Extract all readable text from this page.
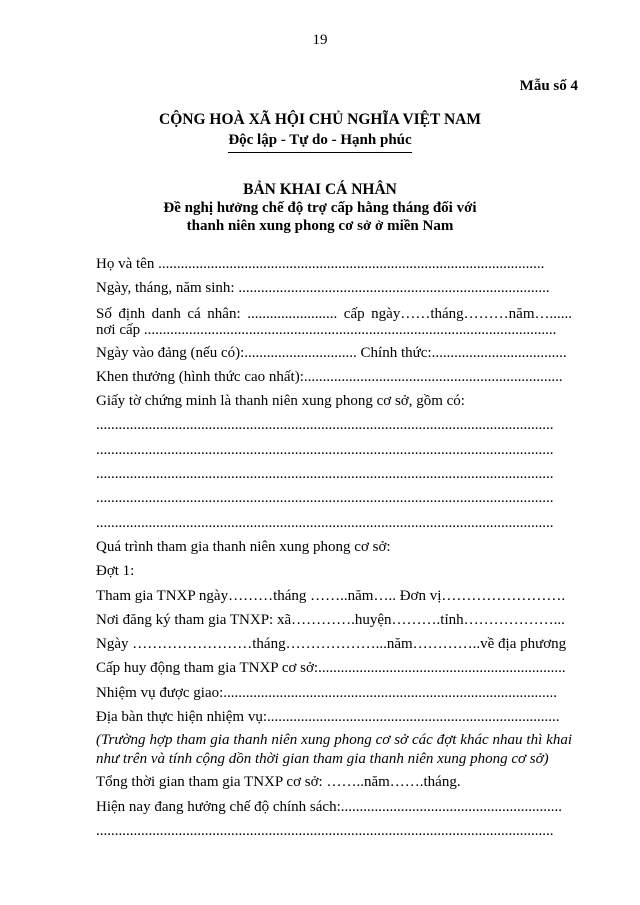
19
Mẫu số 4
CỘNG HOÀ XÃ HỘI CHỦ NGHĨA VIỆT NAM
Độc lập - Tự do - Hạnh phúc
BẢN KHAI CÁ NHÂN
Đề nghị hưởng chế độ trợ cấp hằng tháng đối với
thanh niên xung phong cơ sở ở miền Nam
Họ và tên .......................................................................................................
Ngày, tháng, năm sinh: ...................................................................................
Số định danh cá nhân: ........................ cấp ngày……tháng………năm…...... nơi cấp ..............................................................................................................
Ngày vào đảng (nếu có):.............................. Chính thức:....................................
Khen thưởng (hình thức cao nhất):.....................................................................
Giấy tờ chứng minh là thanh niên xung phong cơ sở, gồm có:
..........................................................................................................................
..........................................................................................................................
..........................................................................................................................
..........................................................................................................................
..........................................................................................................................
Quá trình tham gia thanh niên xung phong cơ sở:
Đợt 1:
Tham gia TNXP ngày………tháng ……..năm….. Đơn vị…………………….
Nơi đăng ký tham gia TNXP: xã………….huyện……….tỉnh………………...
Ngày ……………………tháng………………...năm…………..về địa phương
Cấp huy động tham gia TNXP cơ sở:..................................................................
Nhiệm vụ được giao:.........................................................................................
Địa bàn thực hiện nhiệm vụ:..............................................................................
(Trường hợp tham gia thanh niên xung phong cơ sở các đợt khác nhau thì khai như trên và tính cộng dồn thời gian tham gia thanh niên xung phong cơ sở)
Tổng thời gian tham gia TNXP cơ sở: ……..năm…….tháng.
Hiện nay đang hưởng chế độ chính sách:...........................................................
..........................................................................................................................
